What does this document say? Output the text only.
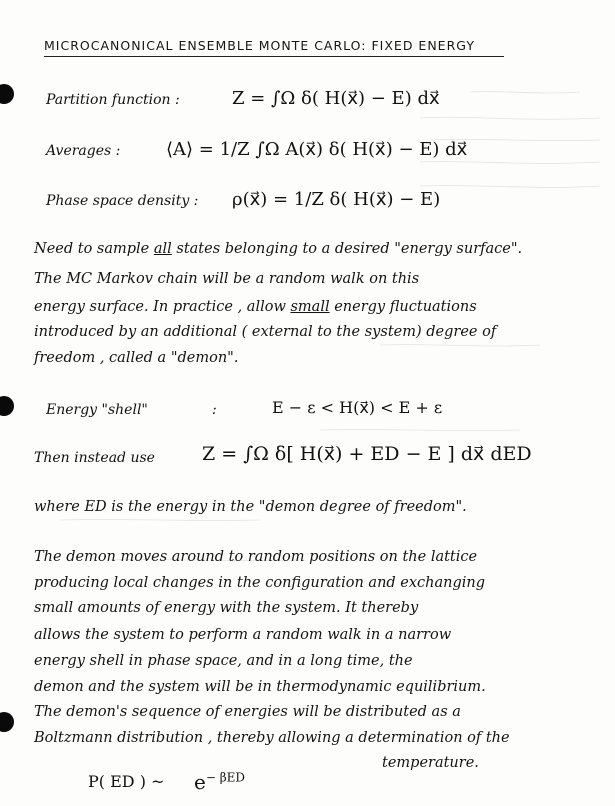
MICROCANONICAL ENSEMBLE MONTE CARLO: FIXED ENERGY
Partition function :	Z = ∫Ω δ( H(x⃗) − E) dx⃗
Averages :	⟨A⟩ = 1/Z ∫Ω A(x⃗) δ( H(x⃗) − E) dx⃗
Phase space density : ρ(x⃗) = 1/Z δ( H(x⃗) − E)
Need to sample all states belonging to a desired "energy surface".
The MC Markov chain will be a random walk on this
energy surface. In practice , allow small energy fluctuations
introduced by an additional ( external to the system) degree of
freedom , called a "demon".
Energy "shell"	:	E − ε < H(x⃗) < E + ε
Then instead use Z = ∫Ω δ[ H(x⃗) + ED − E ] dx⃗ dED
where ED is the energy in the "demon degree of freedom".
The demon moves around to random positions on the lattice
producing local changes in the configuration and exchanging
small amounts of energy with the system. It thereby
allows the system to perform a random walk in a narrow
energy shell in phase space, and in a long time, the
demon and the system will be in thermodynamic equilibrium.
The demon's sequence of energies will be distributed as a
Boltzmann distribution , thereby allowing a determination of the
temperature.
P( ED ) ~ $e^{- \beta ED}$
